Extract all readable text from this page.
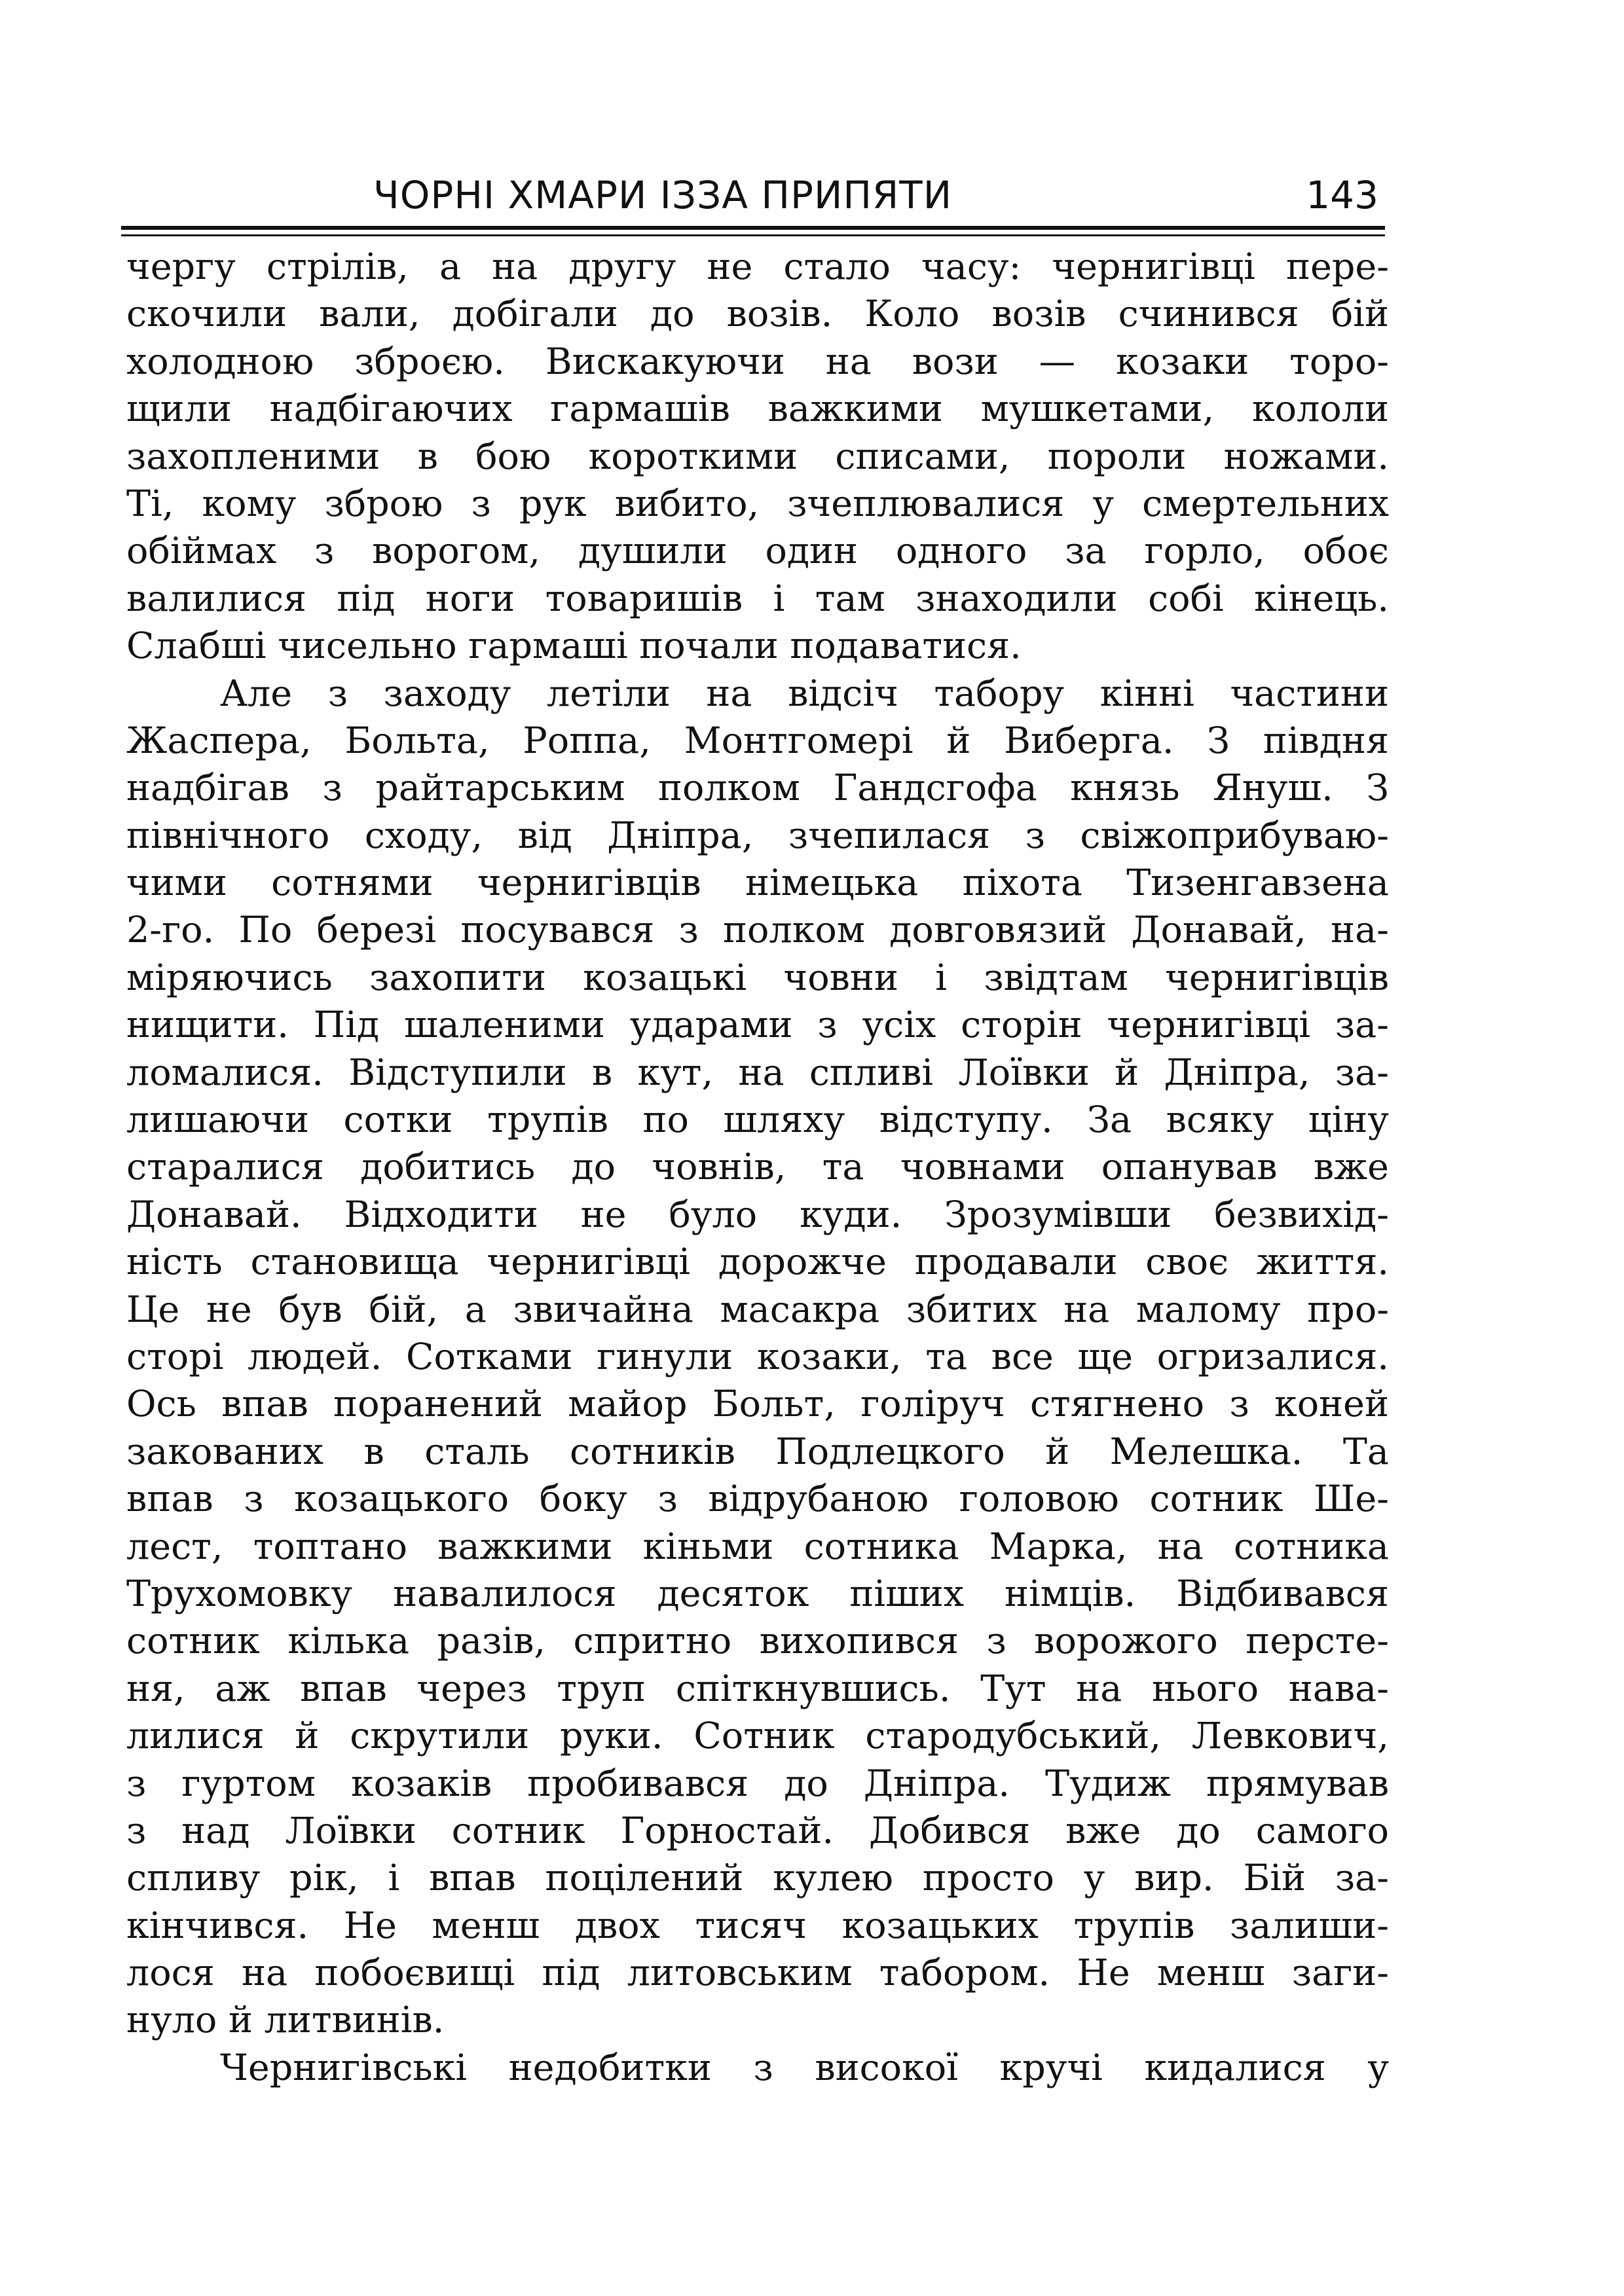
ЧОРНІ ХМАРИ ІЗЗА ПРИПЯТИ	143
чергу стрілів, а на другу не стало часу: чернигівці пере-
скочили вали, добігали до возів. Коло возів счинився бій
холодною зброєю. Вискакуючи на вози — козаки торо-
щили надбігаючих гармашів важкими мушкетами, кололи
захопленими в бою короткими списами, пороли ножами.
Ті, кому зброю з рук вибито, зчеплювалися у смертельних
обіймах з ворогом, душили один одного за горло, обоє
валилися під ноги товаришів і там знаходили собі кінець.
Слабші чисельно гармаші почали подаватися.
Але з заходу летіли на відсіч табору кінні частини
Жаспера, Больта, Роппа, Монтгомері й Виберга. З півдня
надбігав з райтарським полком Гандсгофа князь Януш. З
північного сходу, від Дніпра, зчепилася з свіжоприбуваю-
чими сотнями чернигівців німецька піхота Тизенгавзена
2-го. По березі посувався з полком довговязий Донавай, на-
міряючись захопити козацькі човни і звідтам чернигівців
нищити. Під шаленими ударами з усіх сторін чернигівці за-
ломалися. Відступили в кут, на спливі Лоївки й Дніпра, за-
лишаючи сотки трупів по шляху відступу. За всяку ціну
старалися добитись до човнів, та човнами опанував вже
Донавай. Відходити не було куди. Зрозумівши безвихід-
ність становища чернигівці дорожче продавали своє життя.
Це не був бій, а звичайна масакра збитих на малому про-
сторі людей. Сотками гинули козаки, та все ще огризалися.
Ось впав поранений майор Больт, голіруч стягнено з коней
закованих в сталь сотників Подлецкого й Мелешка. Та
впав з козацького боку з відрубаною головою сотник Ше-
лест, топтано важкими кіньми сотника Марка, на сотника
Трухомовку навалилося десяток піших німців. Відбивався
сотник кілька разів, спритно вихопився з ворожого персте-
ня, аж впав через труп спіткнувшись. Тут на нього нава-
лилися й скрутили руки. Сотник стародубський, Левкович,
з гуртом козаків пробивався до Дніпра. Тудиж прямував
з над Лоївки сотник Горностай. Добився вже до самого
спливу рік, і впав поцілений кулею просто у вир. Бій за-
кінчився. Не менш двох тисяч козацьких трупів залиши-
лося на побоєвищі під литовським табором. Не менш заги-
нуло й литвинів.
Чернигівські недобитки з високої кручі кидалися у
